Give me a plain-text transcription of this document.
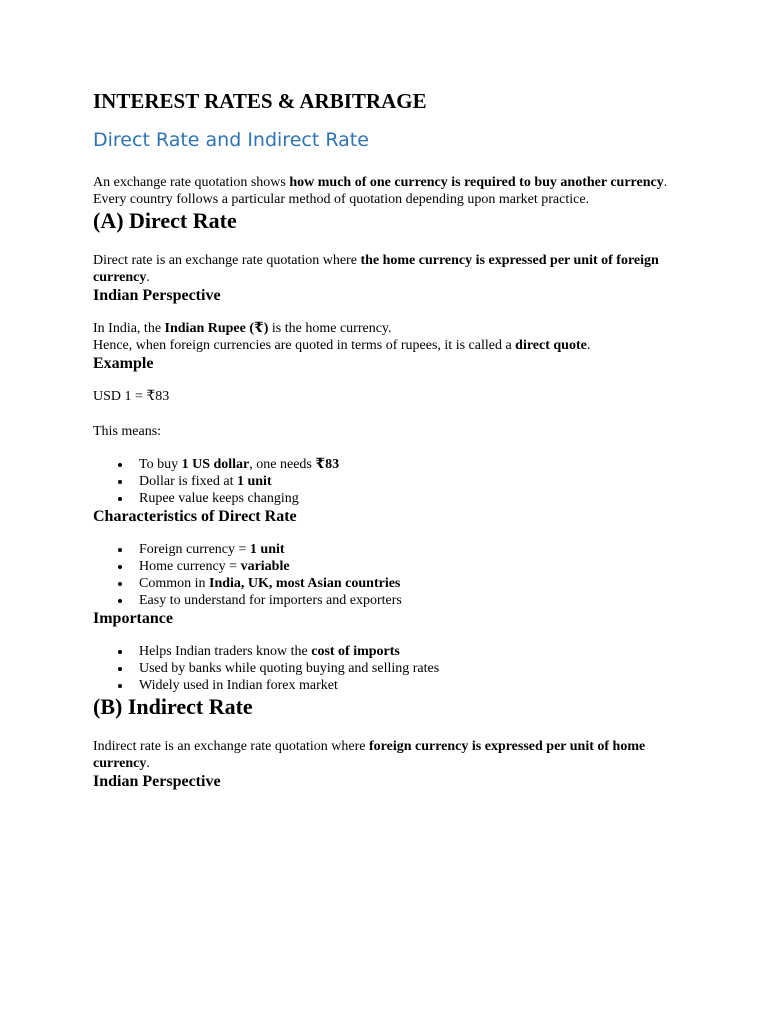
INTEREST RATES & ARBITRAGE
Direct Rate and Indirect Rate

An exchange rate quotation shows how much of one currency is required to buy another currency. Every country follows a particular method of quotation depending upon market practice.

(A) Direct Rate

Direct rate is an exchange rate quotation where the home currency is expressed per unit of foreign currency.

Indian Perspective

In India, the Indian Rupee (₹) is the home currency.
Hence, when foreign currencies are quoted in terms of rupees, it is called a direct quote.

Example

USD 1 = ₹83

This means:

To buy 1 US dollar, one needs ₹83
Dollar is fixed at 1 unit
Rupee value keeps changing
Characteristics of Direct Rate
Foreign currency = 1 unit
Home currency = variable
Common in India, UK, most Asian countries
Easy to understand for importers and exporters
Importance
Helps Indian traders know the cost of imports
Used by banks while quoting buying and selling rates
Widely used in Indian forex market
(B) Indirect Rate

Indirect rate is an exchange rate quotation where foreign currency is expressed per unit of home currency.

Indian Perspective
